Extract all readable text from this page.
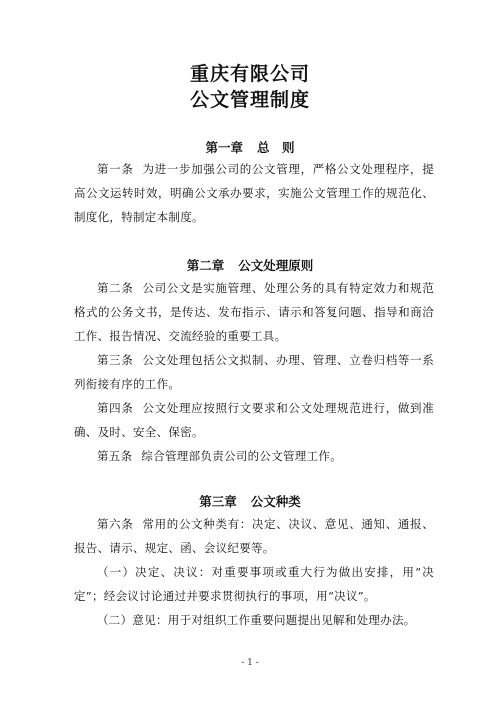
重庆有限公司
公文管理制度
第一章 总　则
第一条 为进一步加强公司的公文管理，严格公文处理程序，提高公文运转时效，明确公文承办要求，实施公文管理工作的规范化、制度化，特制定本制度。
第二章 公文处理原则
第二条 公司公文是实施管理、处理公务的具有特定效力和规范格式的公务文书，是传达、发布指示、请示和答复问题、指导和商洽工作、报告情况、交流经验的重要工具。
第三条 公文处理包括公文拟制、办理、管理、立卷归档等一系列衔接有序的工作。
第四条 公文处理应按照行文要求和公文处理规范进行，做到准确、及时、安全、保密。
第五条 综合管理部负责公司的公文管理工作。
第三章 公文种类
第六条 常用的公文种类有：决定、决议、意见、通知、通报、报告、请示、规定、函、会议纪要等。
（一）决定、决议：对重要事项或重大行为做出安排，用“决定”；经会议讨论通过并要求贯彻执行的事项，用“决议”。
（二）意见：用于对组织工作重要问题提出见解和处理办法。
- 1 -
